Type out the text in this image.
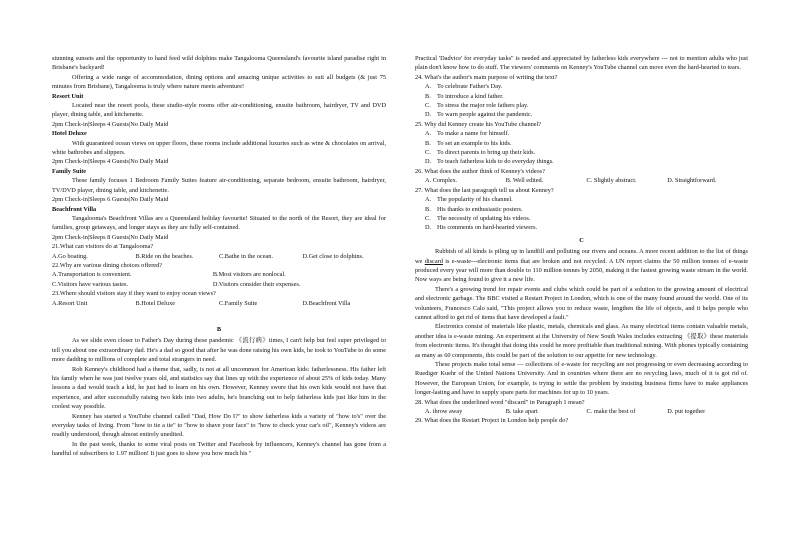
stunning sunsets and the opportunity to hand feed wild dolphins make Tangalooma Queensland's favourite island paradise right in Brisbane's backyard!

Offering a wide range of accommodation, dining options and amazing unique activities to suit all budgets (& just 75 minutes from Brisbane), Tangalooma is truly where nature meets adventure!

Resort Unit

Located near the resort pools, these studio-style rooms offer air-conditioning, ensuite bathroom, hairdryer, TV and DVD player, dining table, and kitchenette.

2pm Check-in|Sleeps 4 Guests|No Daily Maid

Hotel Deluxe

With guaranteed ocean views on upper floors, these rooms include additional luxuries such as wine & chocolates on arrival, white bathrobes and slippers.

2pm Check-in|Sleeps 4 Guests|No Daily Maid

Family Suite

These family focuses 1 Bedroom Family Suites feature air-conditioning, separate bedroom, ensuite bathroom, hairdryer, TV/DVD player, dining table, and kitchenette.

2pm Check-in|Sleeps 6 Guests|No Daily Maid

Beachfront Villa

Tangalooma's Beachfront Villas are a Queensland holiday favourite! Situated to the north of the Resort, they are ideal for families, group getaways, and longer stays as they are fully self-contained.

2pm Check-in|Sleeps 8 Guests|No Daily Maid

21.What can visitors do at Tangalooma?

A.Go boating.	B.Ride on the beaches.	C.Bathe in the ocean.	D.Get close to dolphins.

22.Why are various dining choices offered?

A.Transportation is convenient.	B.Most visitors are nonlocal.
C.Visitors have various tastes.	D.Visitors consider their expenses.

23.Where should visitors stay if they want to enjoy ocean views?

A.Resort Unit	B.Hotel Deluxe	C.Family Suite	D.Beachfront Villa

B

As we slide even closer to Father's Day during these pandemic 《流行病》times, I can't help but feel super privileged to tell you about one extraordinary dad. He's a dad so good that after he was done raising his own kids, he took to YouTube to do some more dadding to millions of complete and total strangers in need.

Rob Kenney's childhood had a theme that, sadly, is not at all uncommon for American kids: fatherlessness. His father left his family when he was just twelve years old, and statistics say that lines up with the experience of about 25% of kids today. Many lessons a dad would teach a kid, he just had to learn on his own. However, Kenney swore that his own kids would not have that experience, and after successfully raising two kids into two adults, he's branching out to help fatherless kids just like him in the coolest way possible.

Kenney has started a YouTube channel called "Dad, How Do I?" to show fatherless kids a variety of "how to's" over the everyday tasks of living. From "how to tie a tie" to "how to shave your face" to "how to check your car's oil", Kenney's videos are readily understood, though almost entirely unedited.

In the past week, thanks to some viral posts on Twitter and Facebook by influencers, Kenney's channel has gone from a handful of subscribers to 1.97 million! It just goes to show you how much his "

Practical 'Dadvice' for everyday tasks" is needed and appreciated by fatherless kids everywhere --- not to mention adults who just plain don't know how to do stuff. The viewers' comments on Kenney's YouTube channel can move even the hard-hearted to tears.

24. What's the author's main purpose of writing the text?

A. To celebrate Father's Day.

B. To introduce a kind father.

C. To stress the major role fathers play.

D. To warn people against the pandemic.

25. Why did Kenney create his YouTube channel?

A. To make a name for himself.

B. To set an example to his kids.

C. To direct parents to bring up their kids.

D. To teach fatherless kids to do everyday things.

26. What does the author think of Kenney's videos?

A. Complex.	B. Well edited.	C. Slightly abstract.	D. Straightforward.

27. What does the last paragraph tell us about Kenney?

A. The popularity of his channel.

B. His thanks to enthusiastic posters.

C. The necessity of updating his videos.

D. His comments on hard-hearted viewers.

C

Rubbish of all kinds is piling up in landfill and polluting our rivers and oceans. A more recent addition to the list of things we discard is e-waste---electronic items that are broken and not recycled. A UN report claims the 50 million tonnes of e-waste produced every year will more than double to 110 million tonnes by 2050, making it the fastest growing waste stream in the world. Now ways are being found to give it a new life.

There's a growing trend for repair events and clubs which could be part of a solution to the growing amount of electrical and electronic garbage. The BBC visited a Restart Project in London, which is one of the many found around the world. One of its volunteers, Francesco Calo said, "This project allows you to reduce waste, lengthen the life of objects, and it helps people who cannot afford to get rid of items that have developed a fault."

Electronics consist of materials like plastic, metals, chemicals and glass. As many electrical items contain valuable metals, another idea is e-waste mining. An experiment at the University of New South Wales includes extracting 《提取》these materials from electronic items. It's thought that doing this could be more profitable than traditional mining. With phones typically containing as many as 60 components, this could be part of the solution to our appetite for new technology.

These projects make total sense — collections of e-waste for recycling are not progressing or even decreasing according to Ruediger Kuehr of the United Nations University. And in countries where there are no recycling laws, much of it is got rid of. However, the European Union, for example, is trying to settle the problem by insisting business firms have to make appliances longer-lasting and have to supply spare parts for machines for up to 10 years.

28. What does the underlined word "discard" in Paragraph 1 mean?

A. throw away	B. take apart	C. make the best of	D. put together

29. What does the Restart Project in London help people do?
